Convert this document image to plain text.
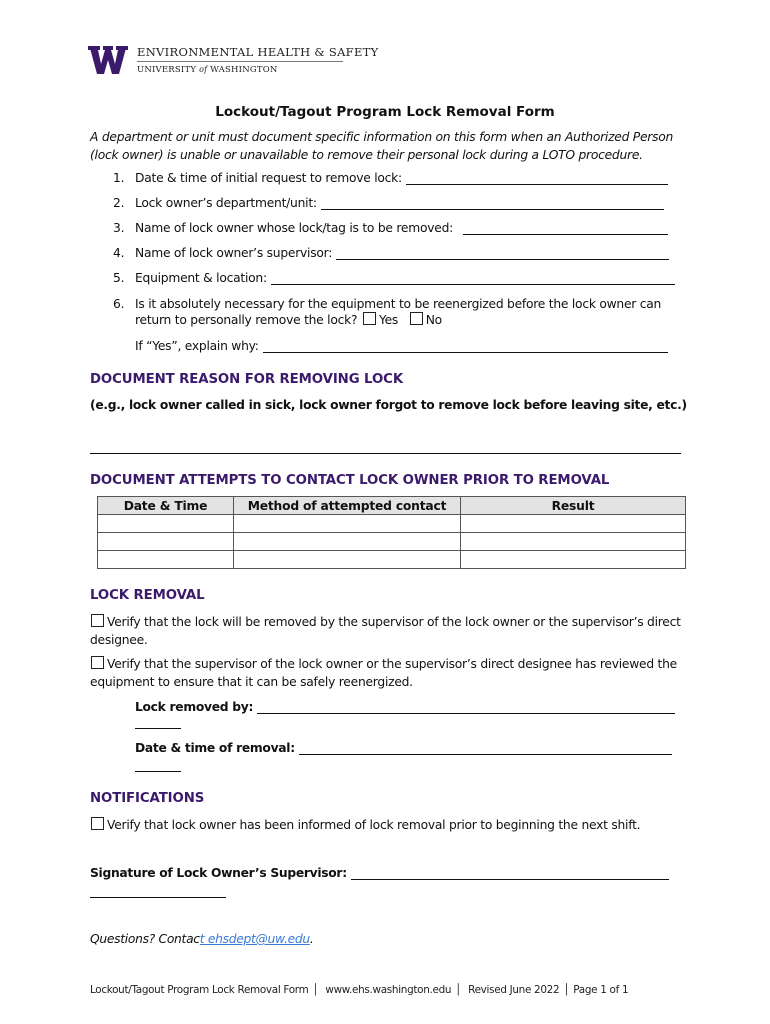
ENVIRONMENTAL HEALTH & SAFETY
UNIVERSITY of WASHINGTON
Lockout/Tagout Program Lock Removal Form
A department or unit must document specific information on this form when an Authorized Person (lock owner) is unable or unavailable to remove their personal lock during a LOTO procedure.
1. Date & time of initial request to remove lock:
2. Lock owner’s department/unit:
3. Name of lock owner whose lock/tag is to be removed:
4. Name of lock owner’s supervisor:
5. Equipment & location:
6. Is it absolutely necessary for the equipment to be reenergized before the lock owner can
return to personally remove the lock? Yes No
If “Yes”, explain why:
DOCUMENT REASON FOR REMOVING LOCK
(e.g., lock owner called in sick, lock owner forgot to remove lock before leaving site, etc.)
DOCUMENT ATTEMPTS TO CONTACT LOCK OWNER PRIOR TO REMOVAL
Date & Time	Method of attempted contact	Result

LOCK REMOVAL
Verify that the lock will be removed by the supervisor of the lock owner or the supervisor’s direct designee.
Verify that the supervisor of the lock owner or the supervisor’s direct designee has reviewed the equipment to ensure that it can be safely reenergized.
Lock removed by:
Date & time of removal:
NOTIFICATIONS
Verify that lock owner has been informed of lock removal prior to beginning the next shift.
Signature of Lock Owner’s Supervisor:
Questions? Contact ehsdept@uw.edu.
Lockout/Tagout Program Lock Removal Form │ www.ehs.washington.edu │ Revised June 2022 │ Page 1 of 1
